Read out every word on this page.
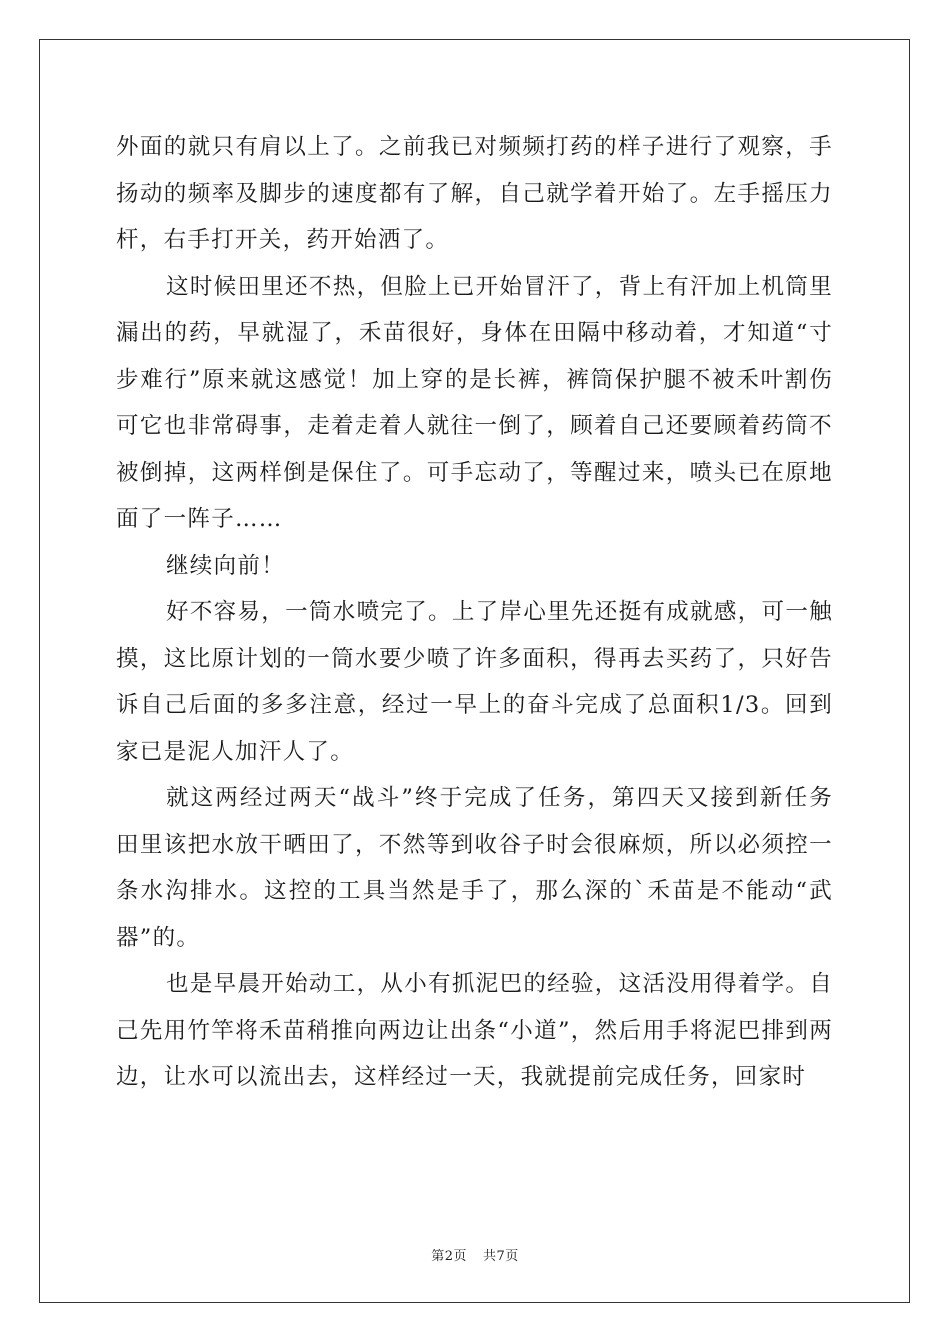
外面的就只有肩以上了。之前我已对频频打药的样子进行了观察，手扬动的频率及脚步的速度都有了解，自己就学着开始了。左手摇压力杆，右手打开关，药开始洒了。

这时候田里还不热，但脸上已开始冒汗了，背上有汗加上机筒里漏出的药，早就湿了，禾苗很好，身体在田隔中移动着，才知道“寸步难行”原来就这感觉！加上穿的是长裤，裤筒保护腿不被禾叶割伤可它也非常碍事，走着走着人就往一倒了，顾着自己还要顾着药筒不被倒掉，这两样倒是保住了。可手忘动了，等醒过来，喷头已在原地面了一阵子……

继续向前！

好不容易，一筒水喷完了。上了岸心里先还挺有成就感，可一触摸，这比原计划的一筒水要少喷了许多面积，得再去买药了，只好告诉自己后面的多多注意，经过一早上的奋斗完成了总面积1/3。回到家已是泥人加汗人了。

就这两经过两天“战斗”终于完成了任务，第四天又接到新任务田里该把水放干晒田了，不然等到收谷子时会很麻烦，所以必须控一条水沟排水。这控的工具当然是手了，那么深的`禾苗是不能动“武器”的。

也是早晨开始动工，从小有抓泥巴的经验，这活没用得着学。自己先用竹竿将禾苗稍推向两边让出条“小道”，然后用手将泥巴排到两边，让水可以流出去，这样经过一天，我就提前完成任务，回家时

第2页 共7页
